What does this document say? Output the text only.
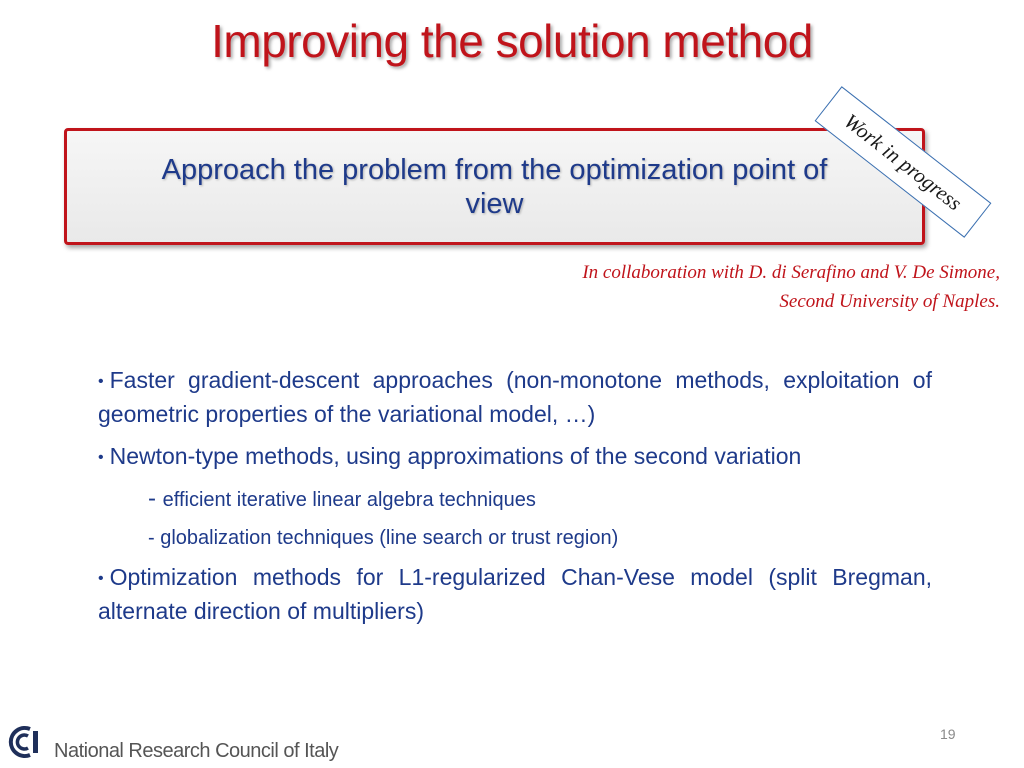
Improving the solution method
Approach the problem from the optimization point of view	Work in progress
In collaboration with D. di Serafino and V. De Simone,
Second University of Naples.
• Faster gradient-descent approaches (non-monotone methods, exploitation of geometric properties of the variational model, …)
• Newton-type methods, using approximations of the second variation
- efficient iterative linear algebra techniques
- globalization techniques (line search or trust region)
• Optimization methods for L1-regularized Chan-Vese model (split Bregman, alternate direction of multipliers)
National Research Council of Italy
19
